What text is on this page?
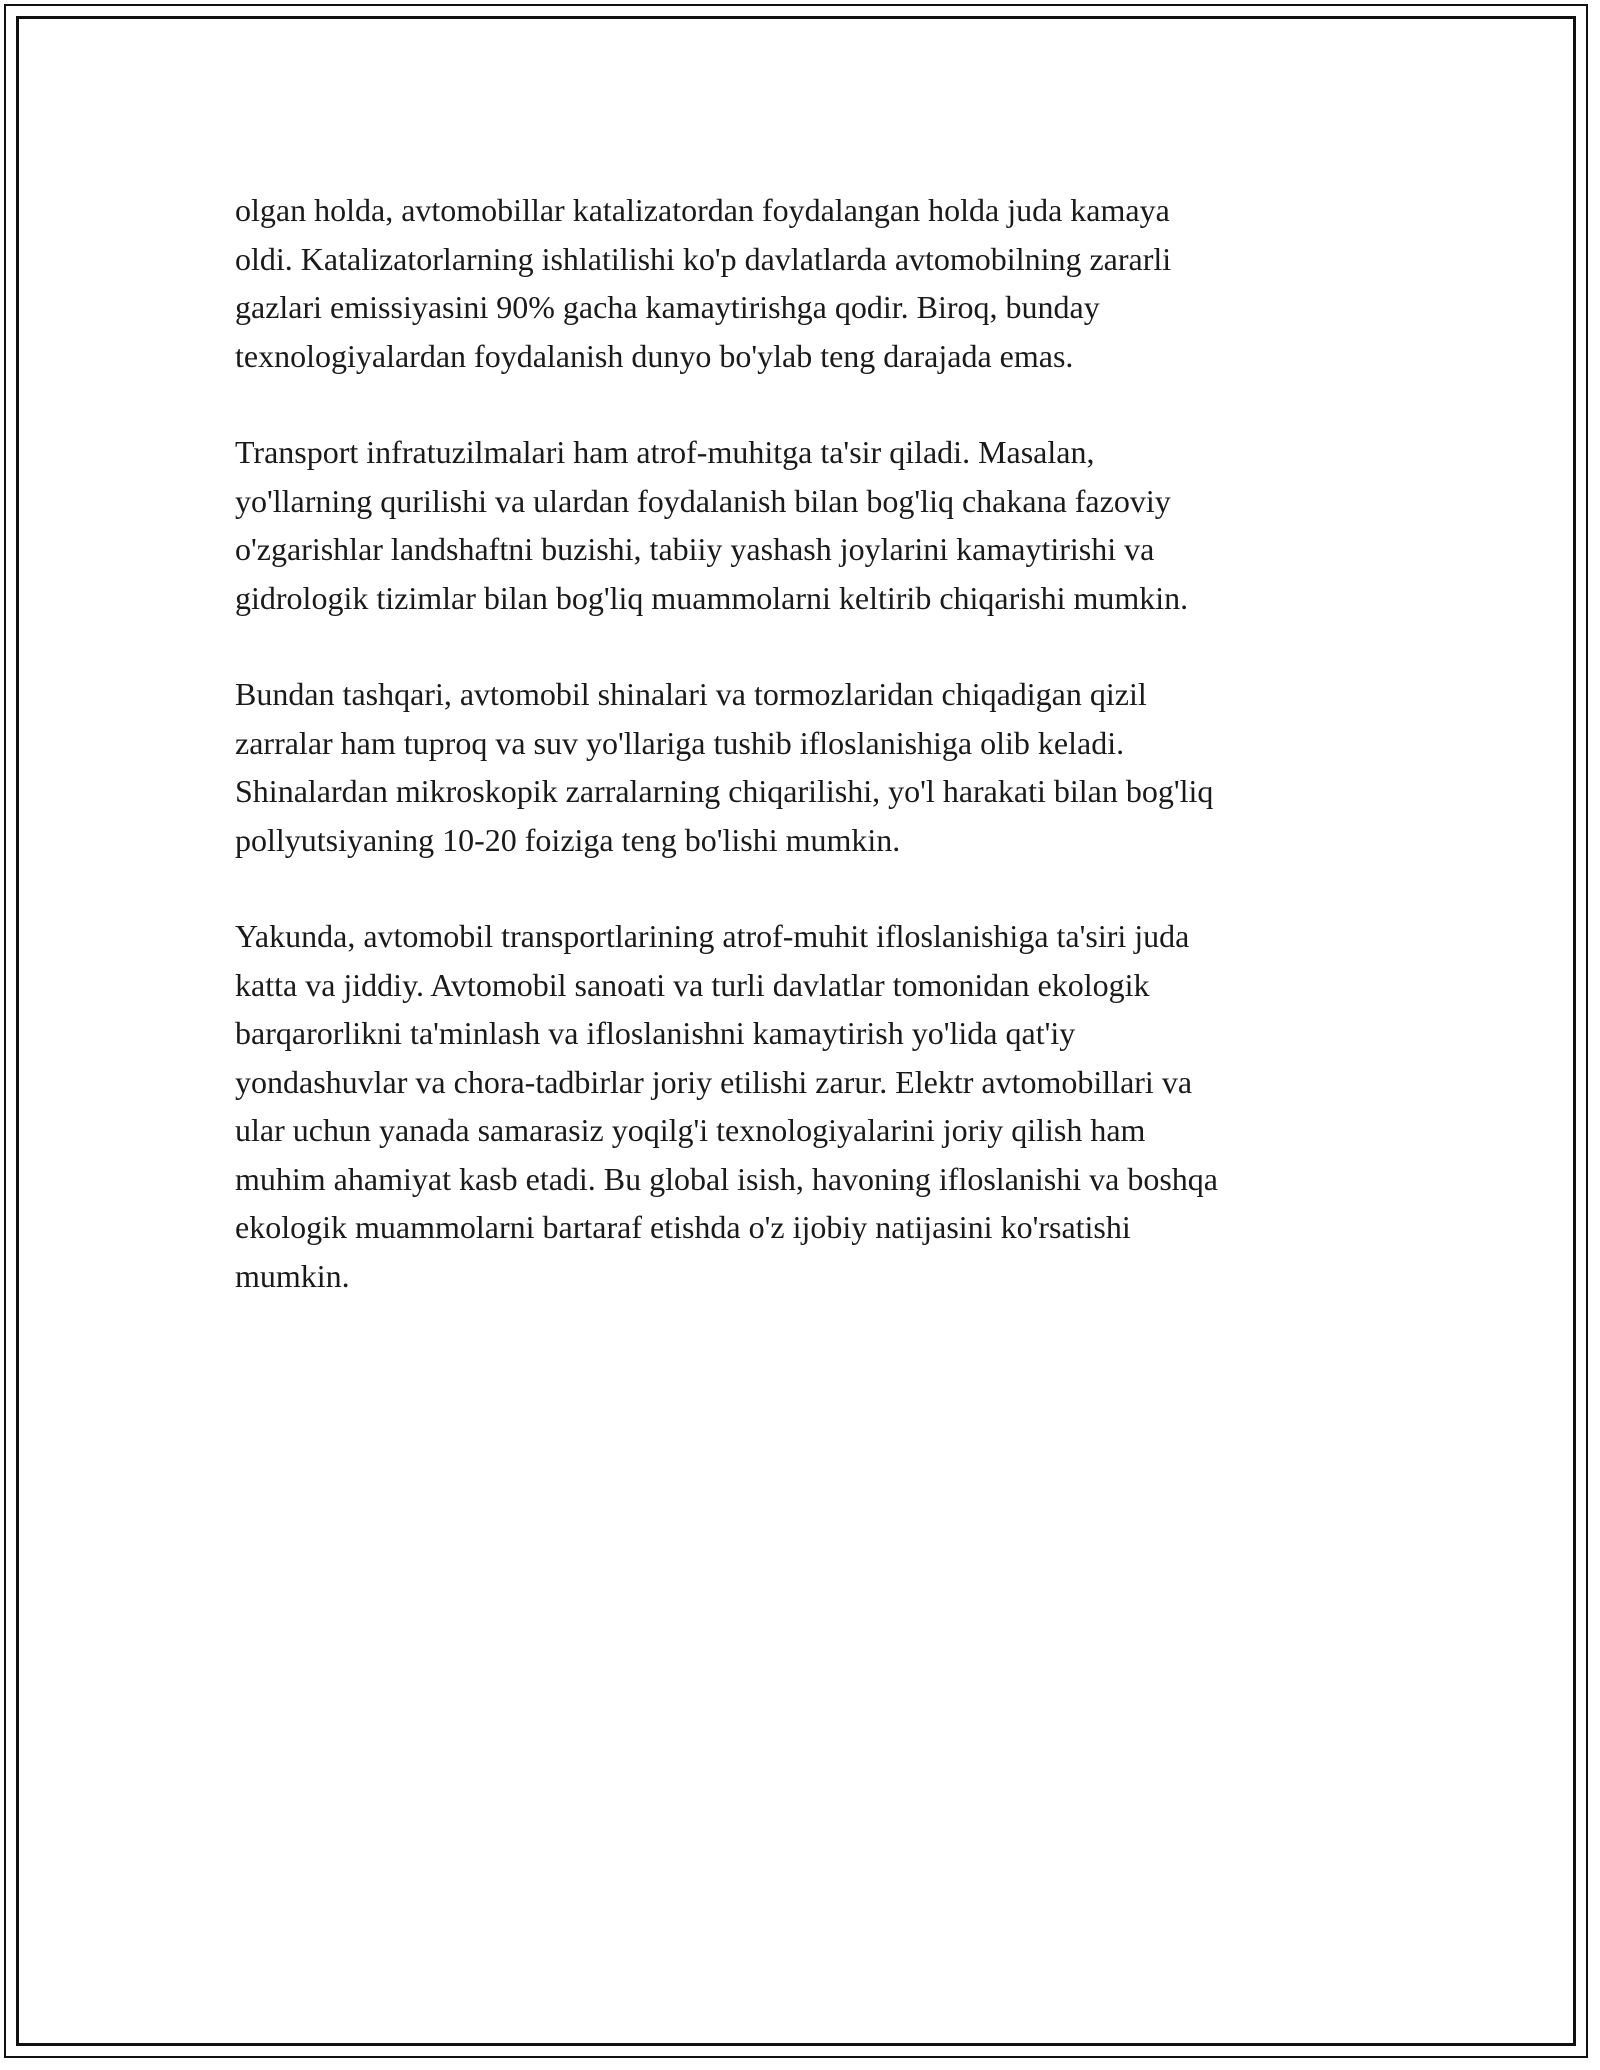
olgan holda, avtomobillar katalizatordan foydalangan holda juda kamaya
oldi. Katalizatorlarning ishlatilishi ko'p davlatlarda avtomobilning zararli
gazlari emissiyasini 90% gacha kamaytirishga qodir. Biroq, bunday
texnologiyalardan foydalanish dunyo bo'ylab teng darajada emas.

Transport infratuzilmalari ham atrof-muhitga ta'sir qiladi. Masalan,
yo'llarning qurilishi va ulardan foydalanish bilan bog'liq chakana fazoviy
o'zgarishlar landshaftni buzishi, tabiiy yashash joylarini kamaytirishi va
gidrologik tizimlar bilan bog'liq muammolarni keltirib chiqarishi mumkin.

Bundan tashqari, avtomobil shinalari va tormozlaridan chiqadigan qizil
zarralar ham tuproq va suv yo'llariga tushib ifloslanishiga olib keladi.
Shinalardan mikroskopik zarralarning chiqarilishi, yo'l harakati bilan bog'liq
pollyutsiyaning 10-20 foiziga teng bo'lishi mumkin.

Yakunda, avtomobil transportlarining atrof-muhit ifloslanishiga ta'siri juda
katta va jiddiy. Avtomobil sanoati va turli davlatlar tomonidan ekologik
barqarorlikni ta'minlash va ifloslanishni kamaytirish yo'lida qat'iy
yondashuvlar va chora-tadbirlar joriy etilishi zarur. Elektr avtomobillari va
ular uchun yanada samarasiz yoqilg'i texnologiyalarini joriy qilish ham
muhim ahamiyat kasb etadi. Bu global isish, havoning ifloslanishi va boshqa
ekologik muammolarni bartaraf etishda o'z ijobiy natijasini ko'rsatishi
mumkin.
